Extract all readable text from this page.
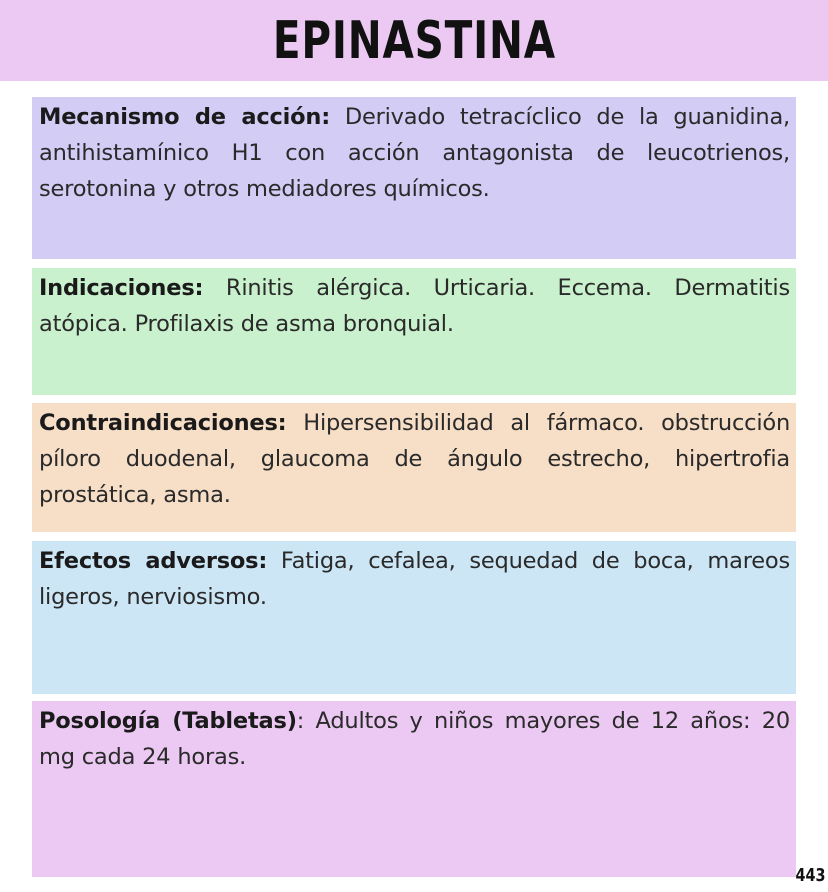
EPINASTINA
Mecanismo de acción: Derivado tetracíclico de la guanidina, antihistamínico H1 con acción antagonista de leucotrienos, serotonina y otros mediadores químicos.
Indicaciones: Rinitis alérgica. Urticaria. Eccema. Dermatitis atópica. Profilaxis de asma bronquial.
Contraindicaciones: Hipersensibilidad al fármaco. obstrucción píloro duodenal, glaucoma de ángulo estrecho, hipertrofia prostática, asma.
Efectos adversos: Fatiga, cefalea, sequedad de boca, mareos ligeros, nerviosismo.
Posología (Tabletas): Adultos y niños mayores de 12 años: 20 mg cada 24 horas.
443
